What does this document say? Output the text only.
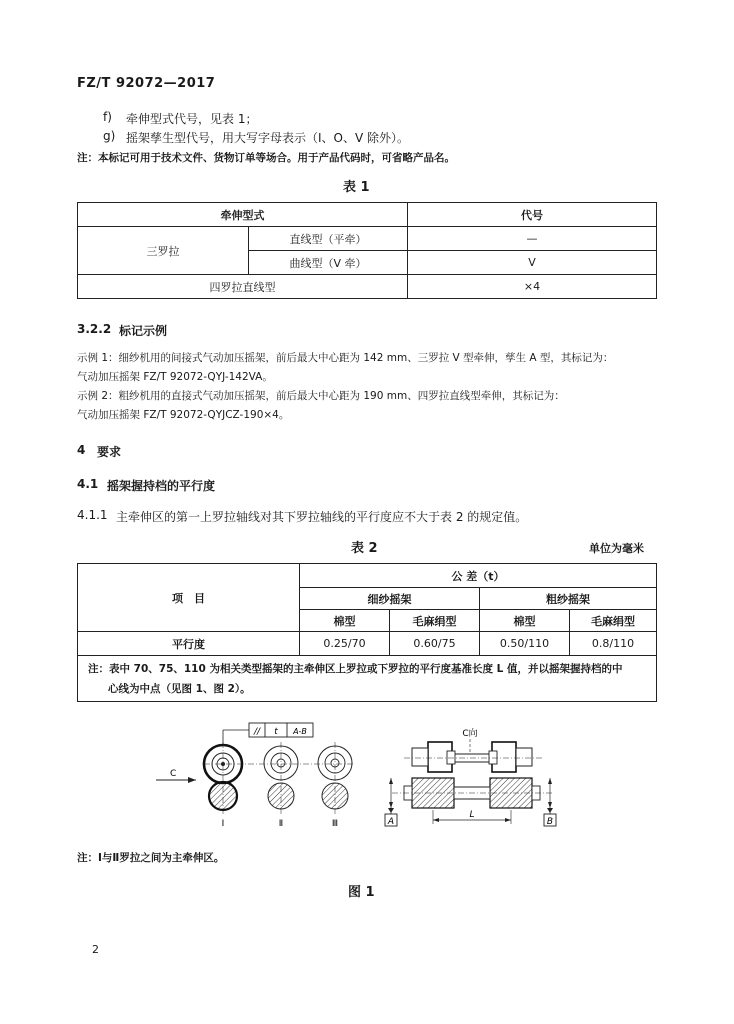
FZ/T 92072—2017
f) 牵伸型式代号，见表 1；
g) 摇架孳生型代号，用大写字母表示（Ⅰ、O、V 除外）。
注：本标记可用于技术文件、货物订单等场合。用于产品代码时，可省略产品名。
表 1
牵伸型式		代号
三罗拉	直线型（平牵）	—
	曲线型（V 牵）	V
四罗拉直线型		×4
3.2.2 标记示例
示例 1：细纱机用的间接式气动加压摇架，前后最大中心距为 142 mm、三罗拉 V 型牵伸，孳生 A 型，其标记为：
气动加压摇架 FZ/T 92072-QYJ-142VA。
示例 2：粗纱机用的直接式气动加压摇架，前后最大中心距为 190 mm、四罗拉直线型牵伸，其标记为：
气动加压摇架 FZ/T 92072-QYJCZ-190×4。
4 要求
4.1 摇架握持档的平行度
4.1.1 主牵伸区的第一上罗拉轴线对其下罗拉轴线的平行度应不大于表 2 的规定值。
表 2	单位为毫米
项　目	公 差（t）			
	细纱摇架		粗纱摇架	
	棉型	毛麻绢型	棉型	毛麻绢型
平行度	0.25/70	0.60/75	0.50/110	0.8/110

注：表中 70、75、110 为相关类型摇架的主牵伸区上罗拉或下罗拉的平行度基准长度 L 值，并以摇架握持档的中
心线为中点（见图 1、图 2）。				
// t A-B
C
Ⅰ	Ⅱ	Ⅲ
C向
A	B
L
注：Ⅰ与Ⅱ罗拉之间为主牵伸区。
图 1
2
